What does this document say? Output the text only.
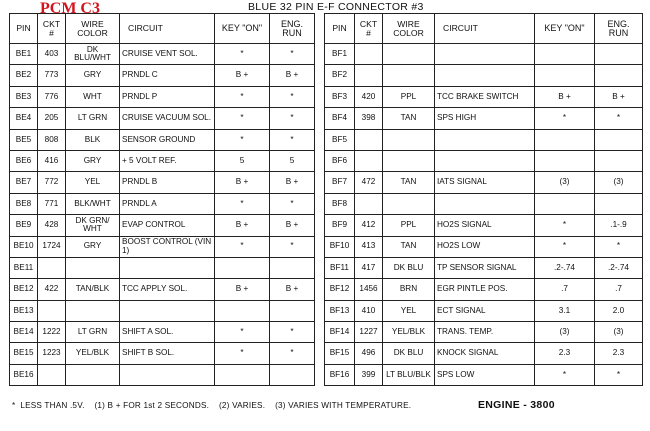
PCM C3	BLUE 32 PIN E-F CONNECTOR #3
PIN	CKT #	WIRE COLOR	CIRCUIT	KEY "ON"	ENG. RUN
BE1	403	DK BLU/WHT	CRUISE VENT SOL.	*	*
BE2	773	GRY	PRNDL C	B +	B +
BE3	776	WHT	PRNDL P	*	*
BE4	205	LT GRN	CRUISE VACUUM SOL.	*	*
BE5	808	BLK	SENSOR GROUND	*	*
BE6	416	GRY	+ 5 VOLT REF.	5	5
BE7	772	YEL	PRNDL B	B +	B +
BE8	771	BLK/WHT	PRNDL A	*	*
BE9	428	DK GRN/ WHT	EVAP CONTROL	B +	B +
BE10	1724	GRY	BOOST CONTROL (VIN 1)	*	*
BE11					
BE12	422	TAN/BLK	TCC APPLY SOL.	B +	B +
BE13					
BE14	1222	LT GRN	SHIFT A SOL.	*	*
BE15	1223	YEL/BLK	SHIFT B SOL.	*	*
BE16					
PIN	CKT #	WIRE COLOR	CIRCUIT	KEY "ON"	ENG. RUN
BF1					
BF2					
BF3	420	PPL	TCC BRAKE SWITCH	B +	B +
BF4	398	TAN	SPS HIGH	*	*
BF5					
BF6					
BF7	472	TAN	IATS SIGNAL	(3)	(3)
BF8					
BF9	412	PPL	HO2S SIGNAL	*	.1-.9
BF10	413	TAN	HO2S LOW	*	*
BF11	417	DK BLU	TP SENSOR SIGNAL	.2-.74	.2-.74
BF12	1456	BRN	EGR PINTLE POS.	.7	.7
BF13	410	YEL	ECT SIGNAL	3.1	2.0
BF14	1227	YEL/BLK	TRANS. TEMP.	(3)	(3)
BF15	496	DK BLU	KNOCK SIGNAL	2.3	2.3
BF16	399	LT BLU/BLK	SPS LOW	*	*
*  LESS THAN .5V.    (1) B + FOR 1st 2 SECONDS.    (2) VARIES.    (3) VARIES WITH TEMPERATURE.	ENGINE - 3800
